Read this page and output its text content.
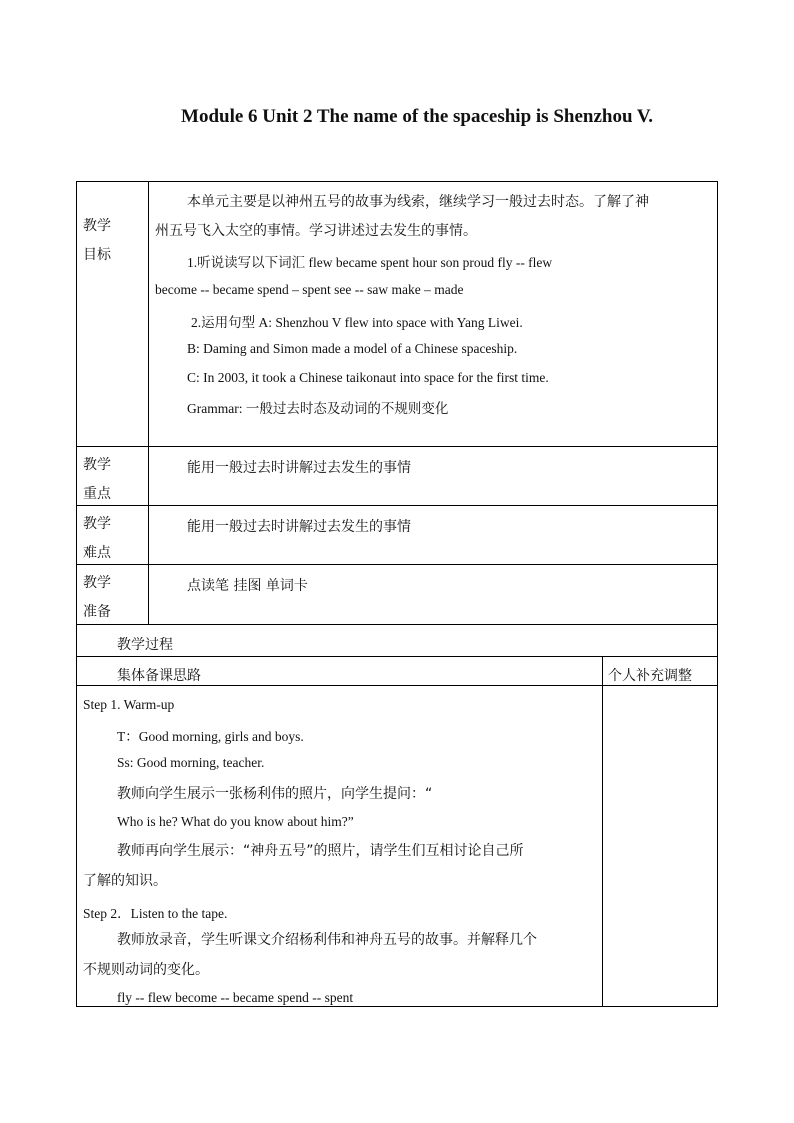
Module 6 Unit 2 The name of the spaceship is Shenzhou V.
教学
目标
本单元主要是以神州五号的故事为线索，继续学习一般过去时态。了解了神
州五号飞入太空的事情。学习讲述过去发生的事情。
1.听说读写以下词汇 flew became spent hour son proud fly -- flew
become -- became spend – spent see -- saw make – made
2.运用句型 A: Shenzhou V flew into space with Yang Liwei.
B: Daming and Simon made a model of a Chinese spaceship.
C: In 2003, it took a Chinese taikonaut into space for the first time.
Grammar: 一般过去时态及动词的不规则变化
教学
重点
能用一般过去时讲解过去发生的事情
教学
难点
能用一般过去时讲解过去发生的事情
教学
准备
点读笔 挂图 单词卡
教学过程
集体备课思路	个人补充调整
Step 1. Warm-up
T：Good morning, girls and boys.
Ss: Good morning, teacher.
教师向学生展示一张杨利伟的照片，向学生提问：“
Who is he? What do you know about him?”
教师再向学生展示：“神舟五号”的照片，请学生们互相讨论自己所
了解的知识。
Step 2．Listen to the tape.
教师放录音，学生听课文介绍杨利伟和神舟五号的故事。并解释几个
不规则动词的变化。
fly -- flew become -- became spend -- spent
